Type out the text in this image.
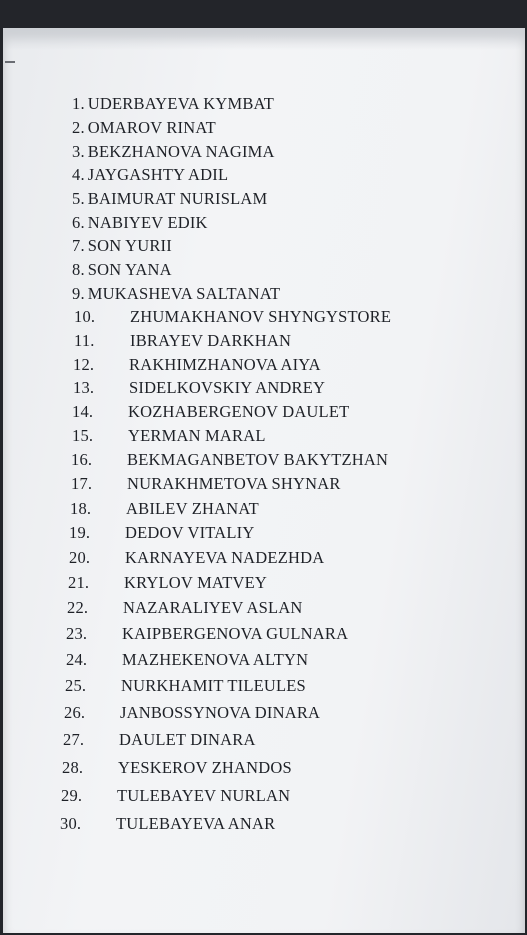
1. UDERBAYEVA KYMBAT
2. OMAROV RINAT
3. BEKZHANOVA NAGIMA
4. JAYGASHTY ADIL
5. BAIMURAT NURISLAM
6. NABIYEV EDIK
7. SON YURII
8. SON YANA
9. MUKASHEVA SALTANAT
10. ZHUMAKHANOV SHYNGYSTORE
11. IBRAYEV DARKHAN
12. RAKHIMZHANOVA AIYA
13. SIDELKOVSKIY ANDREY
14. KOZHABERGENOV DAULET
15. YERMAN MARAL
16. BEKMAGANBETOV BAKYTZHAN
17. NURAKHMETOVA SHYNAR
18. ABILEV ZHANAT
19. DEDOV VITALIY
20. KARNAYEVA NADEZHDA
21. KRYLOV MATVEY
22. NAZARALIYEV ASLAN
23. KAIPBERGENOVA GULNARA
24. MAZHEKENOVA ALTYN
25. NURKHAMIT TILEULES
26. JANBOSSYNOVA DINARA
27. DAULET DINARA
28. YESKEROV ZHANDOS
29. TULEBAYEV NURLAN
30. TULEBAYEVA ANAR
